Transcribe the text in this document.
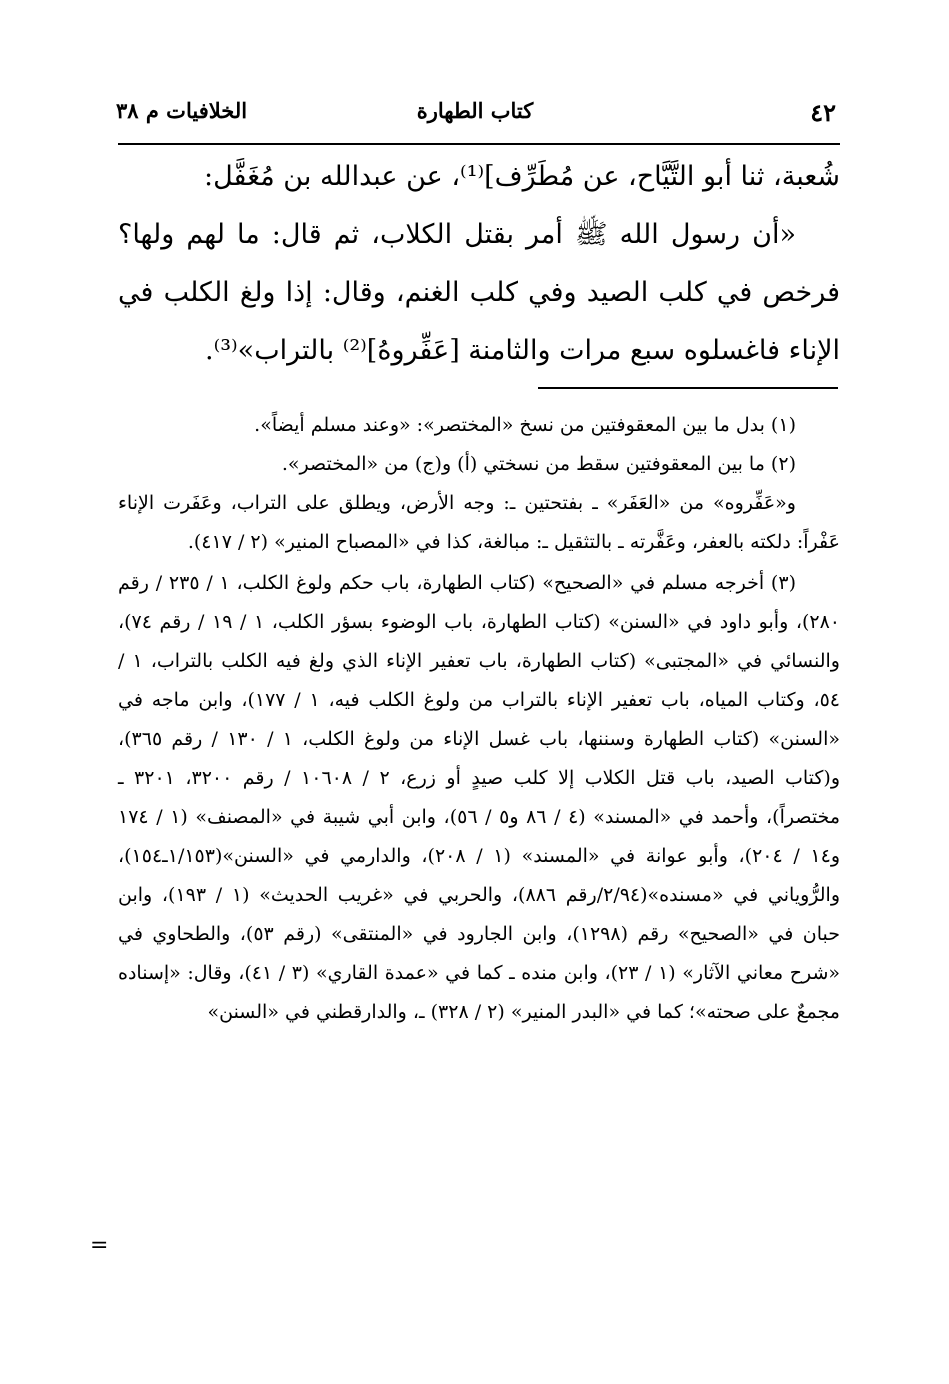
٤٢
كتاب الطهارة
الخلافيات م ٣٨

شُعبة، ثنا أبو التَّيَّاح، عن مُطَرِّف]⁽¹⁾، عن عبدالله بن مُغَفَّل:

«أن رسول الله ﷺ أمر بقتل الكلاب، ثم قال: ما لهم ولها؟ فرخص في كلب الصيد وفي كلب الغنم، وقال: إذا ولغ الكلب في الإناء فاغسلوه سبع مرات والثامنة [عَفِّروهُ]⁽²⁾ بالتراب»⁽³⁾.

(١) بدل ما بين المعقوفتين من نسخ «المختصر»: «وعند مسلم أيضاً».

(٢) ما بين المعقوفتين سقط من نسختي (أ) و(ج) من «المختصر».

و«عَفِّروه» من «العَفَر» ـ بفتحتين ـ: وجه الأرض، ويطلق على التراب، وعَفَرت الإناء عَفْراً: دلكته بالعفر، وعَفَّرته ـ بالتثقيل ـ: مبالغة، كذا في «المصباح المنير» (٢ / ٤١٧).

(٣) أخرجه مسلم في «الصحيح» (كتاب الطهارة، باب حكم ولوغ الكلب، ١ / ٢٣٥ / رقم ٢٨٠)، وأبو داود في «السنن» (كتاب الطهارة، باب الوضوء بسؤر الكلب، ١ / ١٩ / رقم ٧٤)، والنسائي في «المجتبى» (كتاب الطهارة، باب تعفير الإناء الذي ولغ فيه الكلب بالتراب، ١ / ٥٤، وكتاب المياه، باب تعفير الإناء بالتراب من ولوغ الكلب فيه، ١ / ١٧٧)، وابن ماجه في «السنن» (كتاب الطهارة وسننها، باب غسل الإناء من ولوغ الكلب، ١ / ١٣٠ / رقم ٣٦٥)، و(كتاب الصيد، باب قتل الكلاب إلا كلب صيدٍ أو زرع، ٢ / ١٠٦٠٨ / رقم ٣٢٠٠، ٣٢٠١ ـ مختصراً)، وأحمد في «المسند» (٤ / ٨٦ و٥ / ٥٦)، وابن أبي شيبة في «المصنف» (١ / ١٧٤ و١٤ / ٢٠٤)، وأبو عوانة في «المسند» (١ / ٢٠٨)، والدارمي في «السنن»(١/١٥٣ـ١٥٤)، والرُّوياني في «مسنده»(٢/٩٤/رقم ٨٨٦)، والحربي في «غريب الحديث» (١ / ١٩٣)، وابن حبان في «الصحيح» رقم (١٢٩٨)، وابن الجارود في «المنتقى» (رقم ٥٣)، والطحاوي في «شرح معاني الآثار» (١ / ٢٣)، وابن منده ـ كما في «عمدة القاري» (٣ / ٤١)، وقال: «إسناده مجمعٌ على صحته»؛ كما في «البدر المنير» (٢ / ٣٢٨) ـ، والدارقطني في «السنن»

=
